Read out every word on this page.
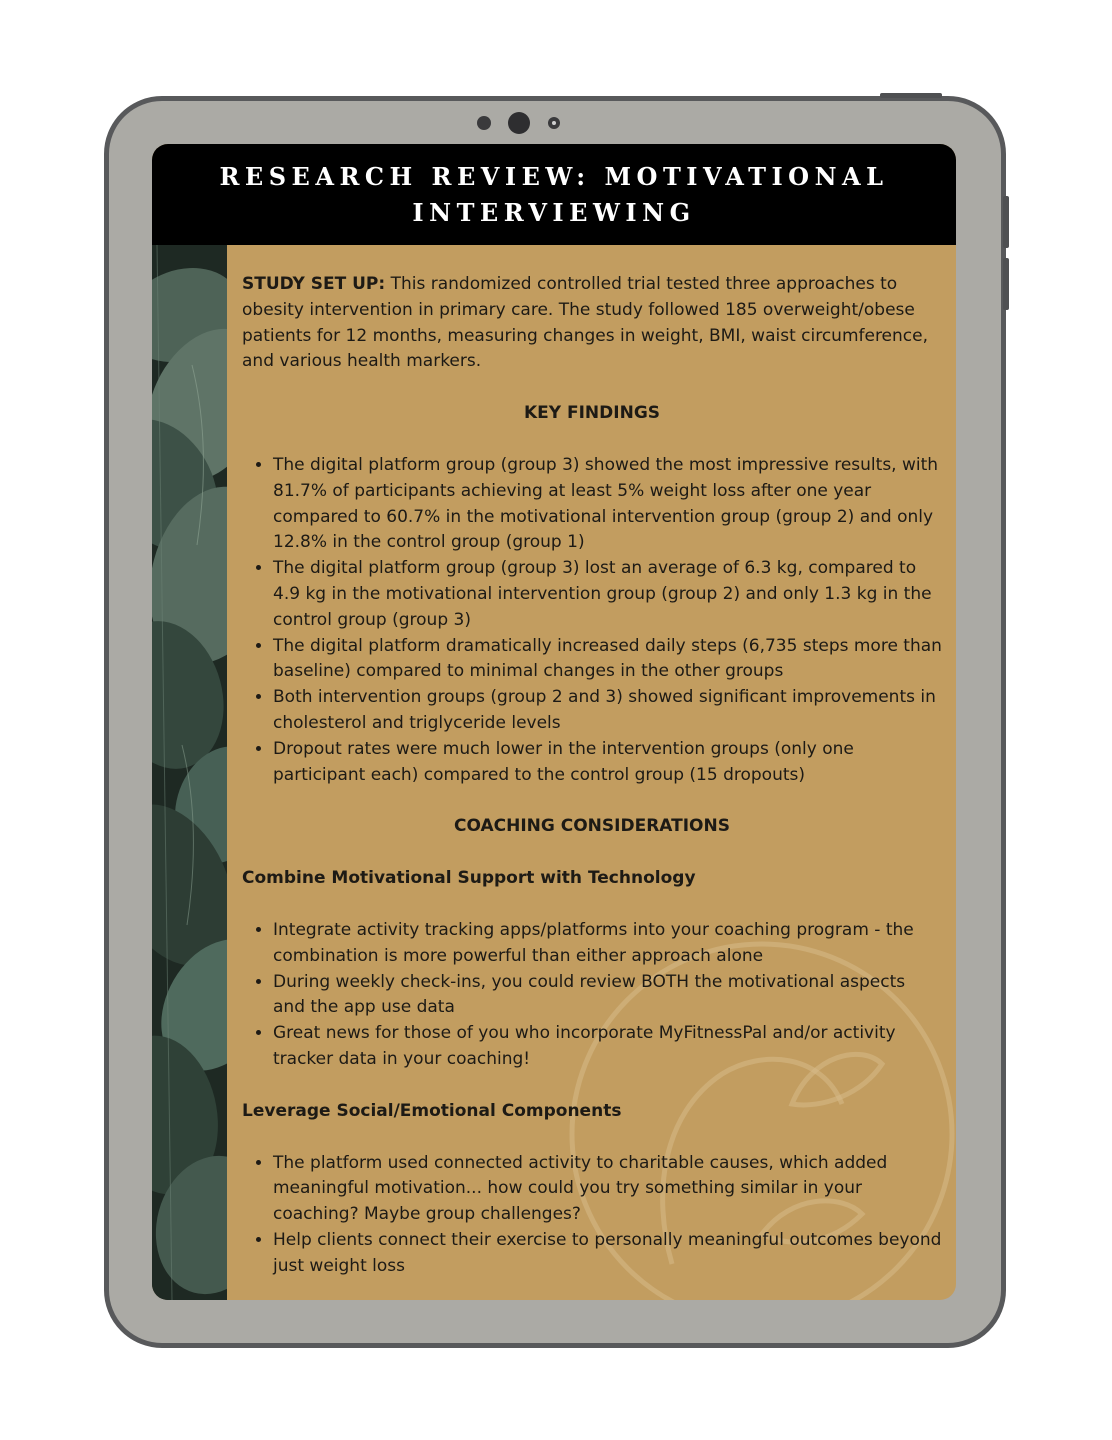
RESEARCH REVIEW: MOTIVATIONAL INTERVIEWING

STUDY SET UP: This randomized controlled trial tested three approaches to obesity intervention in primary care. The study followed 185 overweight/obese patients for 12 months, measuring changes in weight, BMI, waist circumference, and various health markers.

KEY FINDINGS

• The digital platform group (group 3) showed the most impressive results, with 81.7% of participants achieving at least 5% weight loss after one year compared to 60.7% in the motivational intervention group (group 2) and only 12.8% in the control group (group 1)
• The digital platform group (group 3) lost an average of 6.3 kg, compared to 4.9 kg in the motivational intervention group (group 2) and only 1.3 kg in the control group (group 3)
• The digital platform dramatically increased daily steps (6,735 steps more than baseline) compared to minimal changes in the other groups
• Both intervention groups (group 2 and 3) showed significant improvements in cholesterol and triglyceride levels
• Dropout rates were much lower in the intervention groups (only one participant each) compared to the control group (15 dropouts)

COACHING CONSIDERATIONS

Combine Motivational Support with Technology

• Integrate activity tracking apps/platforms into your coaching program - the combination is more powerful than either approach alone
• During weekly check-ins, you could review BOTH the motivational aspects and the app use data
• Great news for those of you who incorporate MyFitnessPal and/or activity tracker data in your coaching!

Leverage Social/Emotional Components

• The platform used connected activity to charitable causes, which added meaningful motivation... how could you try something similar in your coaching? Maybe group challenges?
• Help clients connect their exercise to personally meaningful outcomes beyond just weight loss
